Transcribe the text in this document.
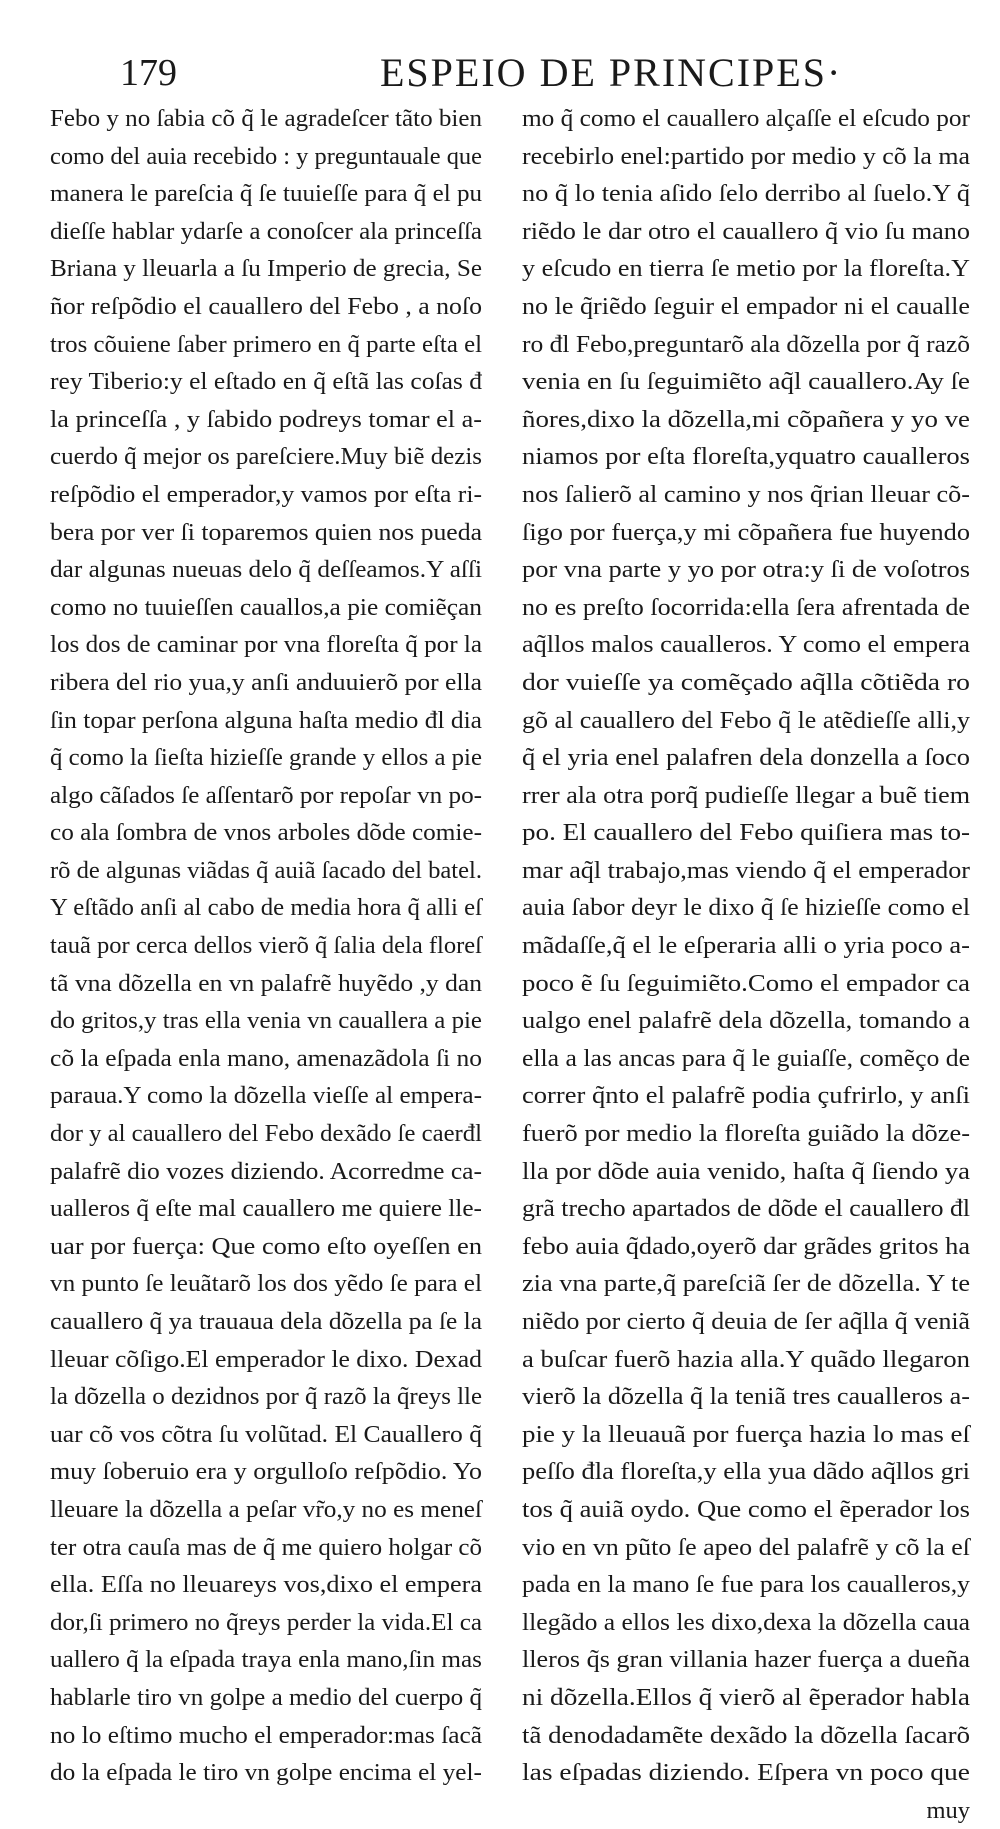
179	ESPEIO DE PRINCIPES·
Febo y no ſabia cõ q̃ le agradeſcer tãto bien
como del auia recebido : y preguntauale que
manera le pareſcia q̃ ſe tuuieſſe para q̃ el pu
dieſſe hablar ydarſe a conoſcer ala princeſſa
Briana y lleuarla a ſu Imperio de grecia, Se
ñor reſpõdio el cauallero del Febo , a noſo
tros cõuiene ſaber primero en q̃ parte eſta el
rey Tiberio:y el eſtado en q̃ eſtã las coſas đ
la princeſſa , y ſabido podreys tomar el a-
cuerdo q̃ mejor os pareſciere.Muy biẽ dezis
reſpõdio el emperador,y vamos por eſta ri-
bera por ver ſi toparemos quien nos pueda
dar algunas nueuas delo q̃ deſſeamos.Y aſſi
como no tuuieſſen cauallos,a pie comiẽçan
los dos de caminar por vna floreſta q̃ por la
ribera del rio yua,y anſi anduuierõ por ella
ſin topar perſona alguna haſta medio đl dia
q̃ como la ſieſta hizieſſe grande y ellos a pie
algo cãſados ſe aſſentarõ por repoſar vn po-
co ala ſombra de vnos arboles dõde comie-
rõ de algunas viãdas q̃ auiã ſacado del batel.
Y eſtãdo anſi al cabo de media hora q̃ alli eſ
tauã por cerca dellos vierõ q̃ ſalia dela floreſ
tã vna dõzella en vn palafrẽ huyẽdo ,y dan
do gritos,y tras ella venia vn cauallera a pie
cõ la eſpada enla mano, amenazãdola ſi no
paraua.Y como la dõzella vieſſe al empera-
dor y al cauallero del Febo dexãdo ſe caerđl
palafrẽ dio vozes diziendo. Acorredme ca-
ualleros q̃ eſte mal cauallero me quiere lle-
uar por fuerça: Que como eſto oyeſſen en
vn punto ſe leuãtarõ los dos yẽdo ſe para el
cauallero q̃ ya trauaua dela dõzella pa ſe la
lleuar cõſigo.El emperador le dixo. Dexad
la dõzella o dezidnos por q̃ razõ la q̃reys lle
uar cõ vos cõtra ſu volũtad. El Cauallero q̃
muy ſoberuio era y orgulloſo reſpõdio. Yo
lleuare la dõzella a peſar vr̃o,y no es meneſ
ter otra cauſa mas de q̃ me quiero holgar cõ
ella. Eſſa no lleuareys vos,dixo el empera
dor,ſi primero no q̃reys perder la vida.El ca
uallero q̃ la eſpada traya enla mano,ſin mas
hablarle tiro vn golpe a medio del cuerpo q̃
no lo eſtimo mucho el emperador:mas ſacã
do la eſpada le tiro vn golpe encima el yel-
mo q̃ como el cauallero alçaſſe el eſcudo por
recebirlo enel:partido por medio y cõ la ma
no q̃ lo tenia aſido ſelo derribo al ſuelo.Y q̃
riẽdo le dar otro el cauallero q̃ vio ſu mano
y eſcudo en tierra ſe metio por la floreſta.Y
no le q̃riẽdo ſeguir el empador ni el caualle
ro đl Febo,preguntarõ ala dõzella por q̃ razõ
venia en ſu ſeguimiẽto aq̃l cauallero.Ay ſe
ñores,dixo la dõzella,mi cõpañera y yo ve
niamos por eſta floreſta,yquatro caualleros
nos ſalierõ al camino y nos q̃rian lleuar cõ-
ſigo por fuerça,y mi cõpañera fue huyendo
por vna parte y yo por otra:y ſi de voſotros
no es preſto ſocorrida:ella ſera afrentada de
aq̃llos malos caualleros. Y como el empera
dor vuieſſe ya comẽçado aq̃lla cõtiẽda ro
gõ al cauallero del Febo q̃ le atẽdieſſe alli,y
q̃ el yria enel palafren dela donzella a ſoco
rrer ala otra porq̃ pudieſſe llegar a buẽ tiem
po. El cauallero del Febo quiſiera mas to-
mar aq̃l trabajo,mas viendo q̃ el emperador
auia ſabor deyr le dixo q̃ ſe hizieſſe como el
mãdaſſe,q̃ el le eſperaria alli o yria poco a-
poco ẽ ſu ſeguimiẽto.Como el empador ca
ualgo enel palafrẽ dela dõzella, tomando a
ella a las ancas para q̃ le guiaſſe, comẽço de
correr q̃nto el palafrẽ podia çufrirlo, y anſi
fuerõ por medio la floreſta guiãdo la dõze-
lla por dõde auia venido, haſta q̃ ſiendo ya
grã trecho apartados de dõde el cauallero đl
febo auia q̃dado,oyerõ dar grãdes gritos ha
zia vna parte,q̃ pareſciã ſer de dõzella. Y te
niẽdo por cierto q̃ deuia de ſer aq̃lla q̃ veniã
a buſcar fuerõ hazia alla.Y quãdo llegaron
vierõ la dõzella q̃ la teniã tres caualleros a-
pie y la lleuauã por fuerça hazia lo mas eſ
peſſo đla floreſta,y ella yua dãdo aq̃llos gri
tos q̃ auiã oydo. Que como el ẽperador los
vio en vn pũto ſe apeo del palafrẽ y cõ la eſ
pada en la mano ſe fue para los caualleros,y
llegãdo a ellos les dixo,dexa la dõzella caua
lleros q̃s gran villania hazer fuerça a dueña
ni dõzella.Ellos q̃ vierõ al ẽperador habla
tã denodadamẽte dexãdo la dõzella ſacarõ
las eſpadas diziendo. Eſpera vn poco que
muy
